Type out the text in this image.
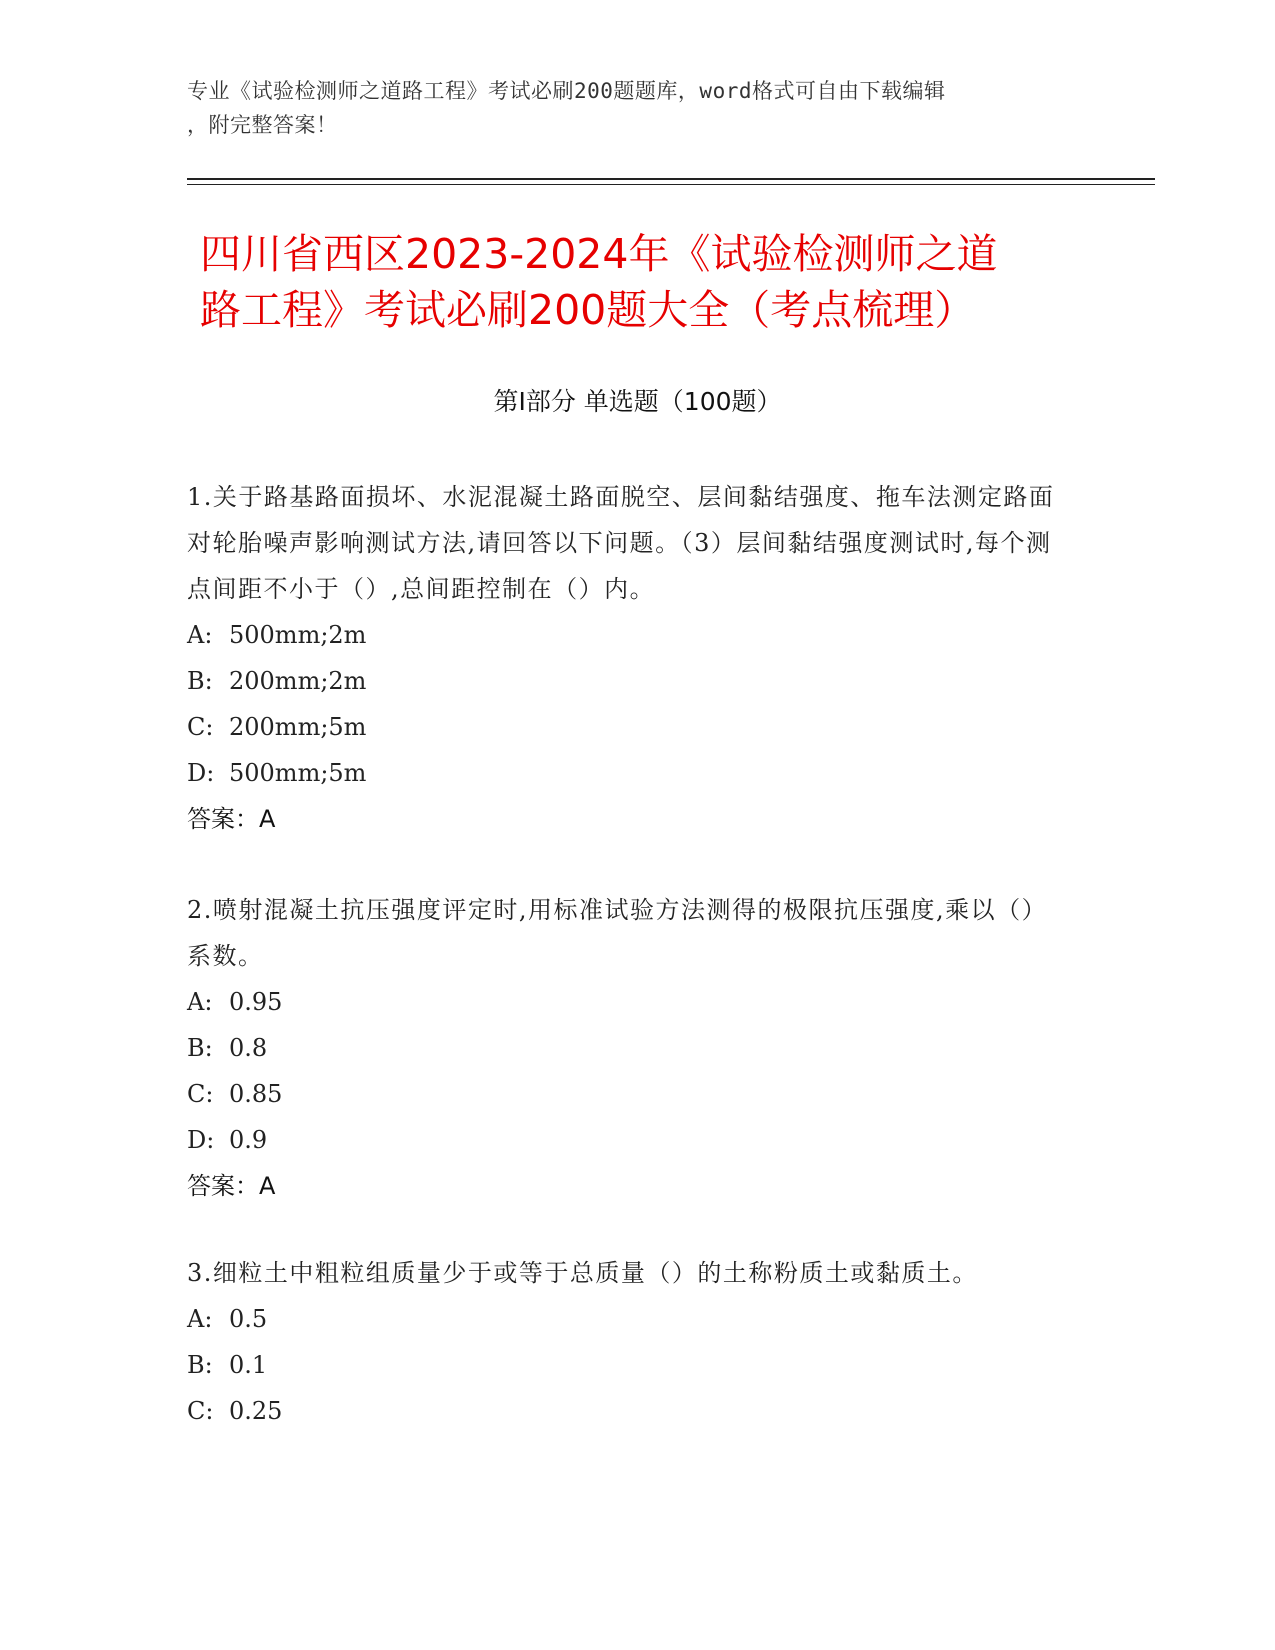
专业《试验检测师之道路工程》考试必刷200题题库，word格式可自由下载编辑
，附完整答案！
四川省西区2023-2024年《试验检测师之道
路工程》考试必刷200题大全（考点梳理）
第Ⅰ部分 单选题（100题）

1.关于路基路面损坏、水泥混凝土路面脱空、层间黏结强度、拖车法测定路面对轮胎噪声影响测试方法,请回答以下问题。（3）层间黏结强度测试时,每个测点间距不小于（）,总间距控制在（）内。

A: 500mm;2m
B: 200mm;2m
C: 200mm;5m
D: 500mm;5m

答案：A

2.喷射混凝土抗压强度评定时,用标准试验方法测得的极限抗压强度,乘以（）系数。

A: 0.95
B: 0.8
C: 0.85
D: 0.9

答案：A

3.细粒土中粗粒组质量少于或等于总质量（）的土称粉质土或黏质土。

A: 0.5
B: 0.1
C: 0.25
